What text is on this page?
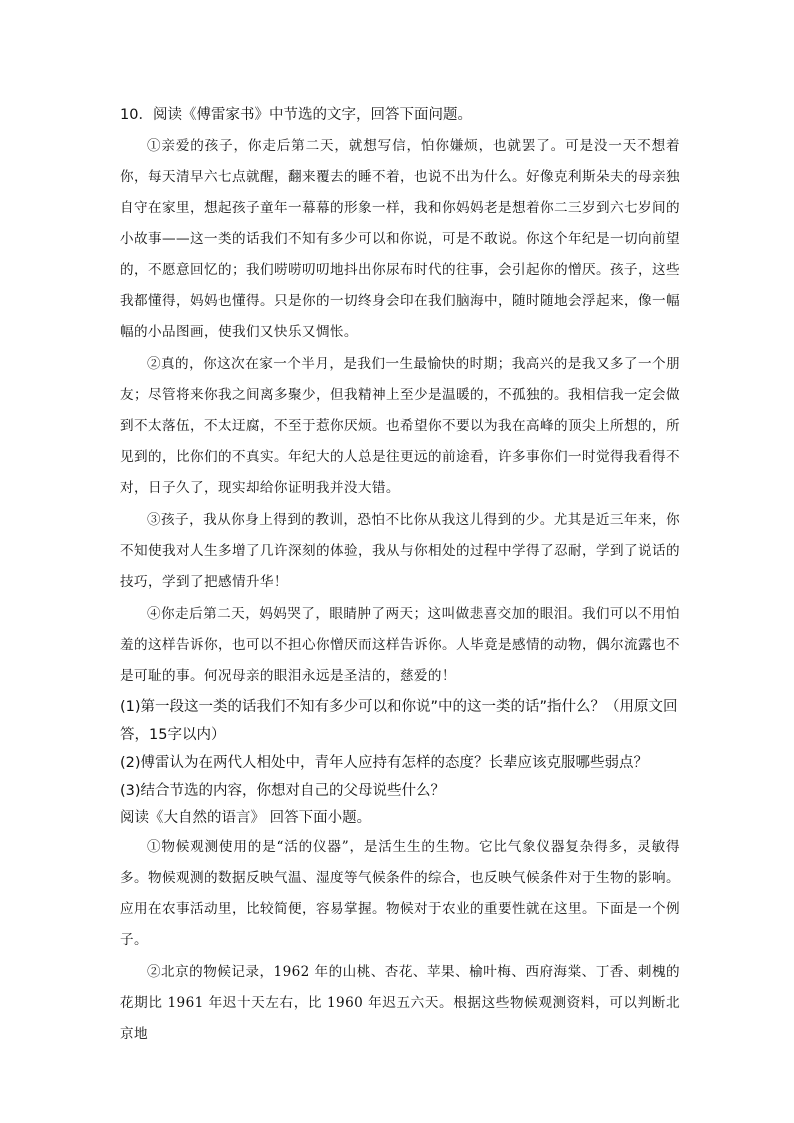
10．阅读《傅雷家书》中节选的文字，回答下面问题。

①亲爱的孩子，你走后第二天，就想写信，怕你嫌烦，也就罢了。可是没一天不想着你，每天清早六七点就醒，翻来覆去的睡不着，也说不出为什么。好像克利斯朵夫的母亲独自守在家里，想起孩子童年一幕幕的形象一样，我和你妈妈老是想着你二三岁到六七岁间的小故事——这一类的话我们不知有多少可以和你说，可是不敢说。你这个年纪是一切向前望的，不愿意回忆的；我们唠唠叨叨地抖出你尿布时代的往事，会引起你的憎厌。孩子，这些我都懂得，妈妈也懂得。只是你的一切终身会印在我们脑海中，随时随地会浮起来，像一幅幅的小品图画，使我们又快乐又惆怅。

②真的，你这次在家一个半月，是我们一生最愉快的时期；我高兴的是我又多了一个朋友；尽管将来你我之间离多聚少，但我精神上至少是温暖的，不孤独的。我相信我一定会做到不太落伍，不太迂腐，不至于惹你厌烦。也希望你不要以为我在高峰的顶尖上所想的，所见到的，比你们的不真实。年纪大的人总是往更远的前途看，许多事你们一时觉得我看得不对，日子久了，现实却给你证明我并没大错。

③孩子，我从你身上得到的教训，恐怕不比你从我这儿得到的少。尤其是近三年来，你不知使我对人生多增了几许深刻的体验，我从与你相处的过程中学得了忍耐，学到了说话的技巧，学到了把感情升华！

④你走后第二天，妈妈哭了，眼睛肿了两天；这叫做悲喜交加的眼泪。我们可以不用怕羞的这样告诉你，也可以不担心你憎厌而这样告诉你。人毕竟是感情的动物，偶尔流露也不是可耻的事。何况母亲的眼泪永远是圣洁的，慈爱的！

(1)第一段这一类的话我们不知有多少可以和你说”中的这一类的话”指什么？（用原文回答，15字以内）

(2)傅雷认为在两代人相处中，青年人应持有怎样的态度？长辈应该克服哪些弱点？

(3)结合节选的内容，你想对自己的父母说些什么？

阅读《大自然的语言》 回答下面小题。

①物候观测使用的是“活的仪器”，是活生生的生物。它比气象仪器复杂得多，灵敏得多。物候观测的数据反映气温、湿度等气候条件的综合，也反映气候条件对于生物的影响。应用在农事活动里，比较简便，容易掌握。物候对于农业的重要性就在这里。下面是一个例子。

②北京的物候记录，1962 年的山桃、杏花、苹果、榆叶梅、西府海棠、丁香、刺槐的花期比 1961 年迟十天左右，比 1960 年迟五六天。根据这些物候观测资料，可以判断北京地
